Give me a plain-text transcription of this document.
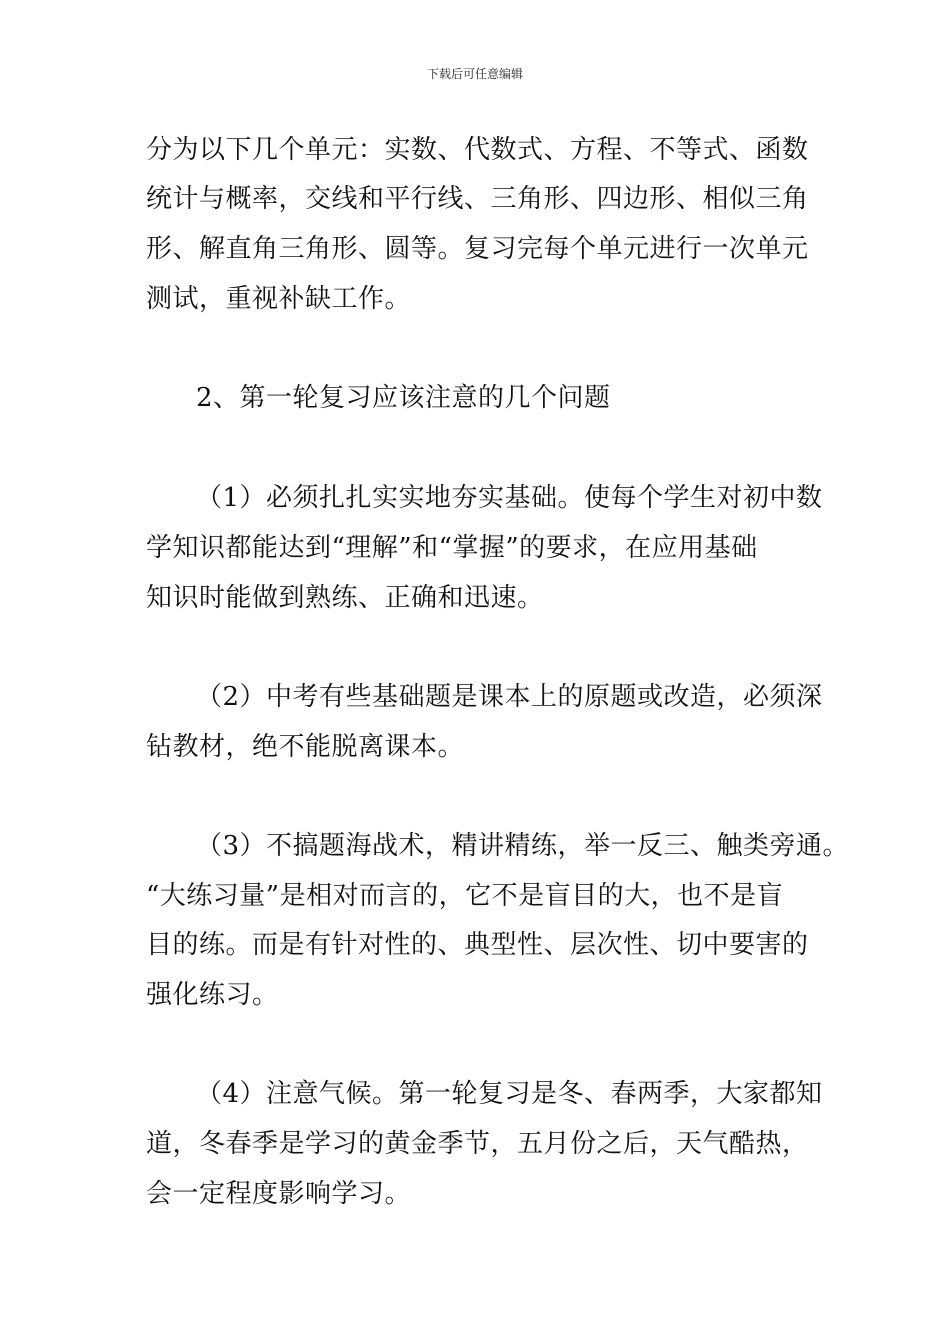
下载后可任意编辑
分为以下几个单元：实数、代数式、方程、不等式、函数
统计与概率，交线和平行线、三角形、四边形、相似三角
形、解直角三角形、圆等。复习完每个单元进行一次单元
测试，重视补缺工作。
2、第一轮复习应该注意的几个问题
（1）必须扎扎实实地夯实基础。使每个学生对初中数
学知识都能达到“理解”和“掌握”的要求，在应用基础
知识时能做到熟练、正确和迅速。
（2）中考有些基础题是课本上的原题或改造，必须深
钻教材，绝不能脱离课本。
（3）不搞题海战术，精讲精练，举一反三、触类旁通。
“大练习量”是相对而言的，它不是盲目的大，也不是盲
目的练。而是有针对性的、典型性、层次性、切中要害的
强化练习。
（4）注意气候。第一轮复习是冬、春两季，大家都知
道，冬春季是学习的黄金季节，五月份之后，天气酷热，
会一定程度影响学习。
